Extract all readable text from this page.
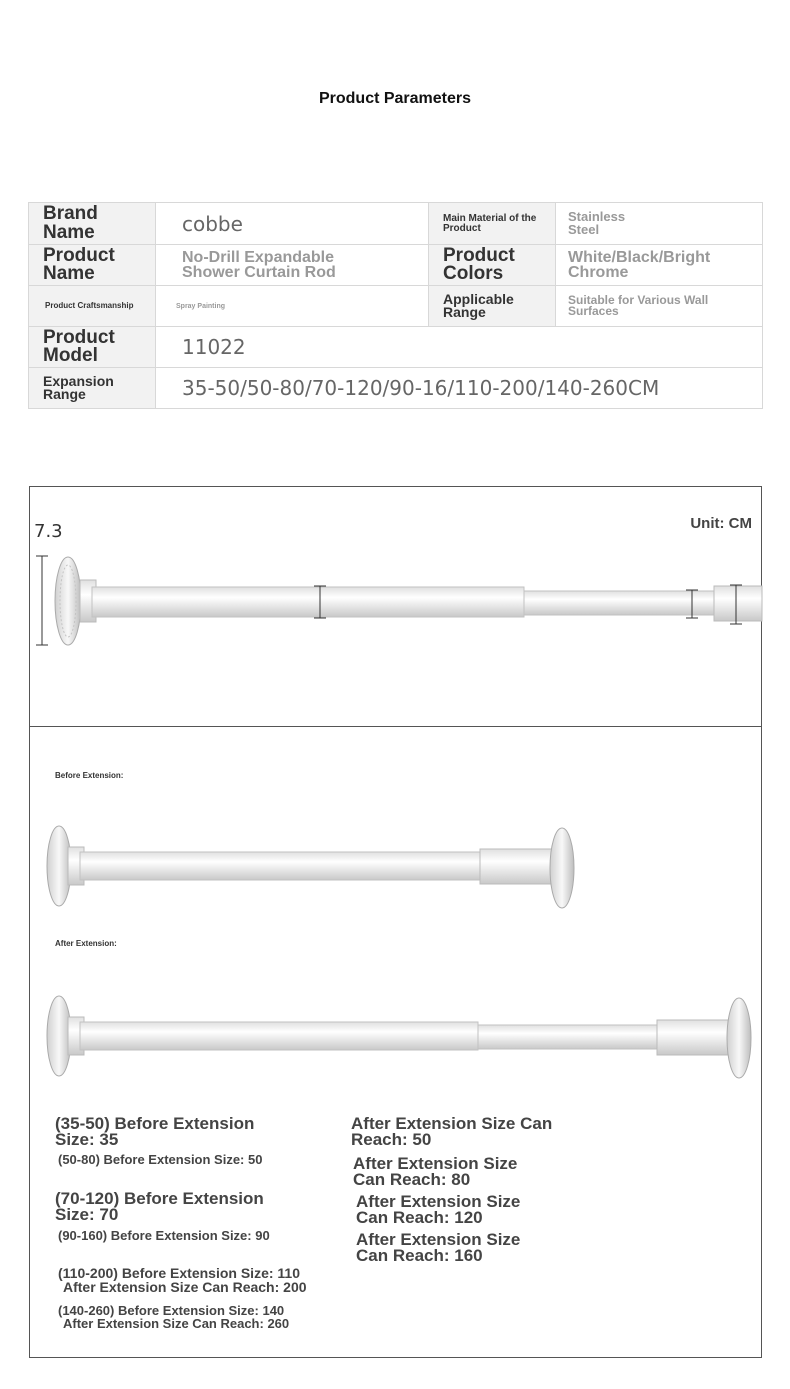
Product Parameters
Brand Name	cobbe	Main Material of the Product	Stainless Steel

Product Name	No-Drill Expandable Shower Curtain Rod	Product Colors	White/Black/Bright Chrome

Product Craftsmanship	Spray Painting	Applicable Range	Suitable for Various Wall Surfaces

Product Model	11022		

Expansion Range	35-50/50-80/70-120/90-16/110-200/140-260CM		
Unit: CM
7.3
Before Extension:
After Extension:
(35-50) Before Extension Size: 35
After Extension Size Can Reach: 50
(50-80) Before Extension Size: 50	After Extension Size Can Reach: 80
(70-120) Before Extension Size: 70
After Extension Size Can Reach: 120
(90-160) Before Extension Size: 90	After Extension Size Can Reach: 160
(110-200) Before Extension Size: 110
After Extension Size Can Reach: 200
(140-260) Before Extension Size: 140
After Extension Size Can Reach: 260
